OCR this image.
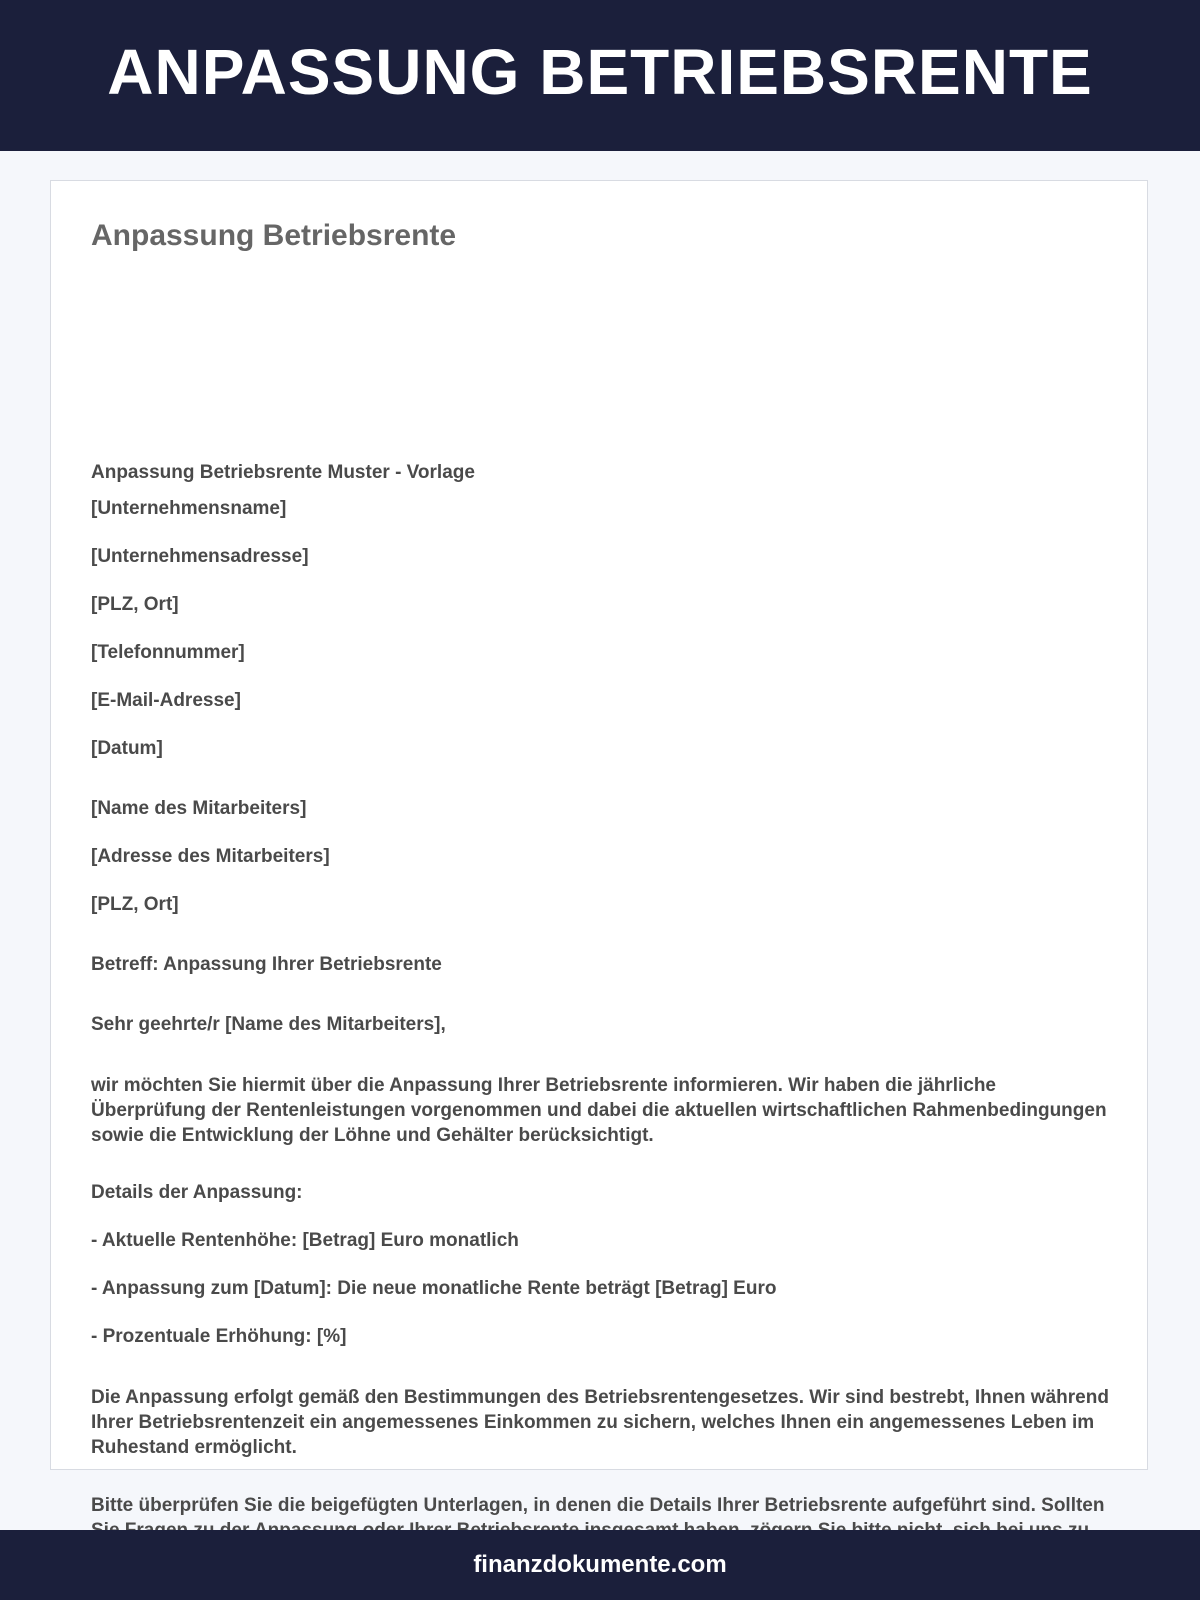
ANPASSUNG BETRIEBSRENTE
Anpassung Betriebsrente

Anpassung Betriebsrente Muster - Vorlage

[Unternehmensname]

[Unternehmensadresse]

[PLZ, Ort]

[Telefonnummer]

[E-Mail-Adresse]

[Datum]

[Name des Mitarbeiters]

[Adresse des Mitarbeiters]

[PLZ, Ort]

Betreff: Anpassung Ihrer Betriebsrente

Sehr geehrte/r [Name des Mitarbeiters],

wir möchten Sie hiermit über die Anpassung Ihrer Betriebsrente informieren. Wir haben die jährliche Überprüfung der Rentenleistungen vorgenommen und dabei die aktuellen wirtschaftlichen Rahmenbedingungen sowie die Entwicklung der Löhne und Gehälter berücksichtigt.

Details der Anpassung:

- Aktuelle Rentenhöhe: [Betrag] Euro monatlich

- Anpassung zum [Datum]: Die neue monatliche Rente beträgt [Betrag] Euro

- Prozentuale Erhöhung: [%]

Die Anpassung erfolgt gemäß den Bestimmungen des Betriebsrentengesetzes. Wir sind bestrebt, Ihnen während Ihrer Betriebsrentenzeit ein angemessenes Einkommen zu sichern, welches Ihnen ein angemessenes Leben im Ruhestand ermöglicht.

Bitte überprüfen Sie die beigefügten Unterlagen, in denen die Details Ihrer Betriebsrente aufgeführt sind. Sollten

finanzdokumente.com
